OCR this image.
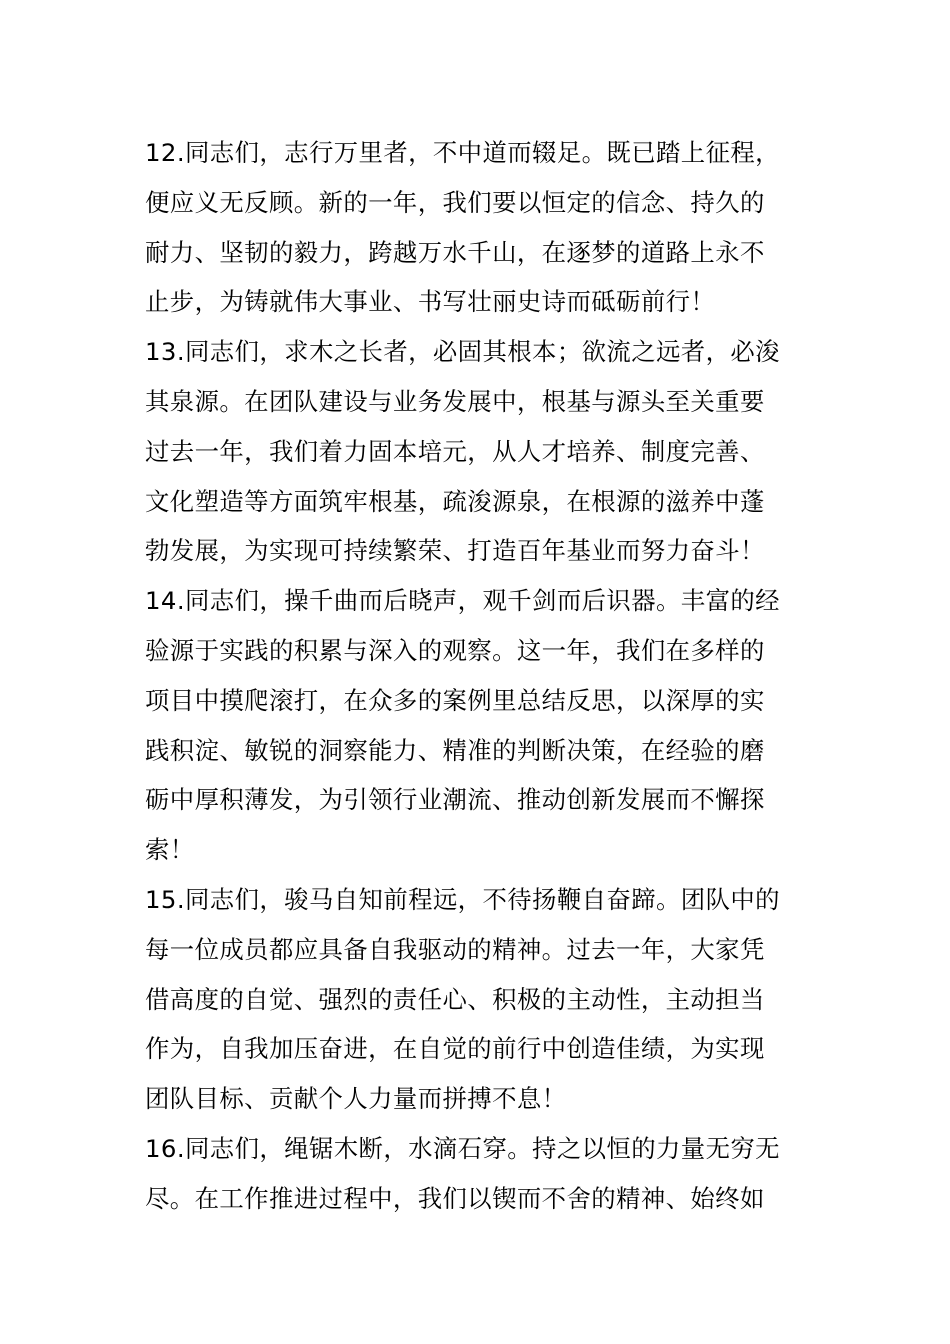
12.同志们，志行万里者，不中道而辍足。既已踏上征程，
便应义无反顾。新的一年，我们要以恒定的信念、持久的
耐力、坚韧的毅力，跨越万水千山，在逐梦的道路上永不
止步，为铸就伟大事业、书写壮丽史诗而砥砺前行！
13.同志们，求木之长者，必固其根本；欲流之远者，必浚
其泉源。在团队建设与业务发展中，根基与源头至关重要
过去一年，我们着力固本培元，从人才培养、制度完善、
文化塑造等方面筑牢根基，疏浚源泉，在根源的滋养中蓬
勃发展，为实现可持续繁荣、打造百年基业而努力奋斗！
14.同志们，操千曲而后晓声，观千剑而后识器。丰富的经
验源于实践的积累与深入的观察。这一年，我们在多样的
项目中摸爬滚打，在众多的案例里总结反思，以深厚的实
践积淀、敏锐的洞察能力、精准的判断决策，在经验的磨
砺中厚积薄发，为引领行业潮流、推动创新发展而不懈探
索！
15.同志们，骏马自知前程远，不待扬鞭自奋蹄。团队中的
每一位成员都应具备自我驱动的精神。过去一年，大家凭
借高度的自觉、强烈的责任心、积极的主动性，主动担当
作为，自我加压奋进，在自觉的前行中创造佳绩，为实现
团队目标、贡献个人力量而拼搏不息！
16.同志们，绳锯木断，水滴石穿。持之以恒的力量无穷无
尽。在工作推进过程中，我们以锲而不舍的精神、始终如
